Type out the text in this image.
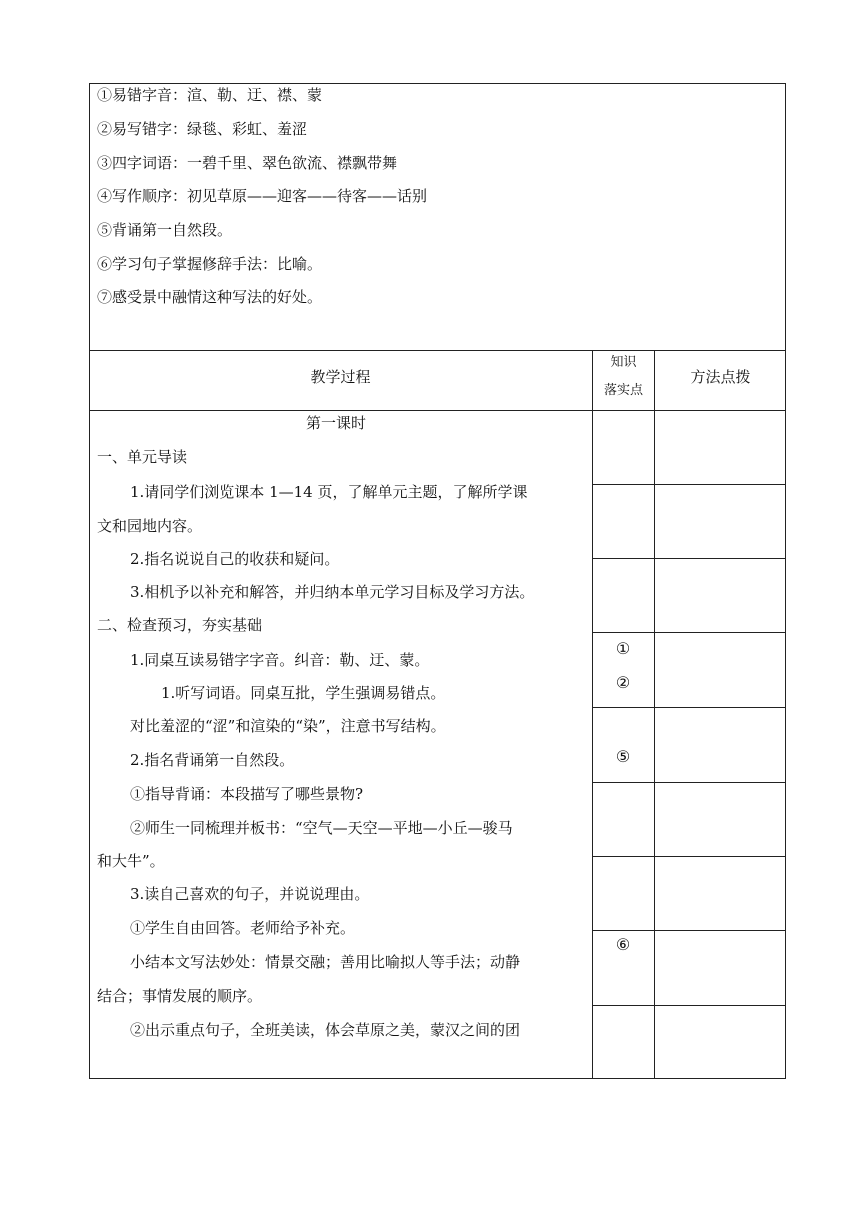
①易错字音：渲、勒、迂、襟、蒙
②易写错字：绿毯、彩虹、羞涩
③四字词语：一碧千里、翠色欲流、襟飘带舞
④写作顺序：初见草原——迎客——待客——话别
⑤背诵第一自然段。
⑥学习句子掌握修辞手法：比喻。
⑦感受景中融情这种写法的好处。
教学过程
知识
落实点
方法点拨
第一课时
一、单元导读
1.请同学们浏览课本 1—14 页，了解单元主题，了解所学课
文和园地内容。
2.指名说说自己的收获和疑问。
3.相机予以补充和解答，并归纳本单元学习目标及学习方法。
二、检查预习，夯实基础
1.同桌互读易错字字音。纠音：勒、迂、蒙。
1.听写词语。同桌互批，学生强调易错点。
对比羞涩的“涩”和渲染的“染”，注意书写结构。
2.指名背诵第一自然段。
①指导背诵：本段描写了哪些景物?
②师生一同梳理并板书：“空气—天空—平地—小丘—骏马
和大牛”。
3.读自己喜欢的句子，并说说理由。
①学生自由回答。老师给予补充。
小结本文写法妙处：情景交融；善用比喻拟人等手法；动静
结合；事情发展的顺序。
②出示重点句子，全班美读，体会草原之美，蒙汉之间的团
①
②
⑤
⑥
